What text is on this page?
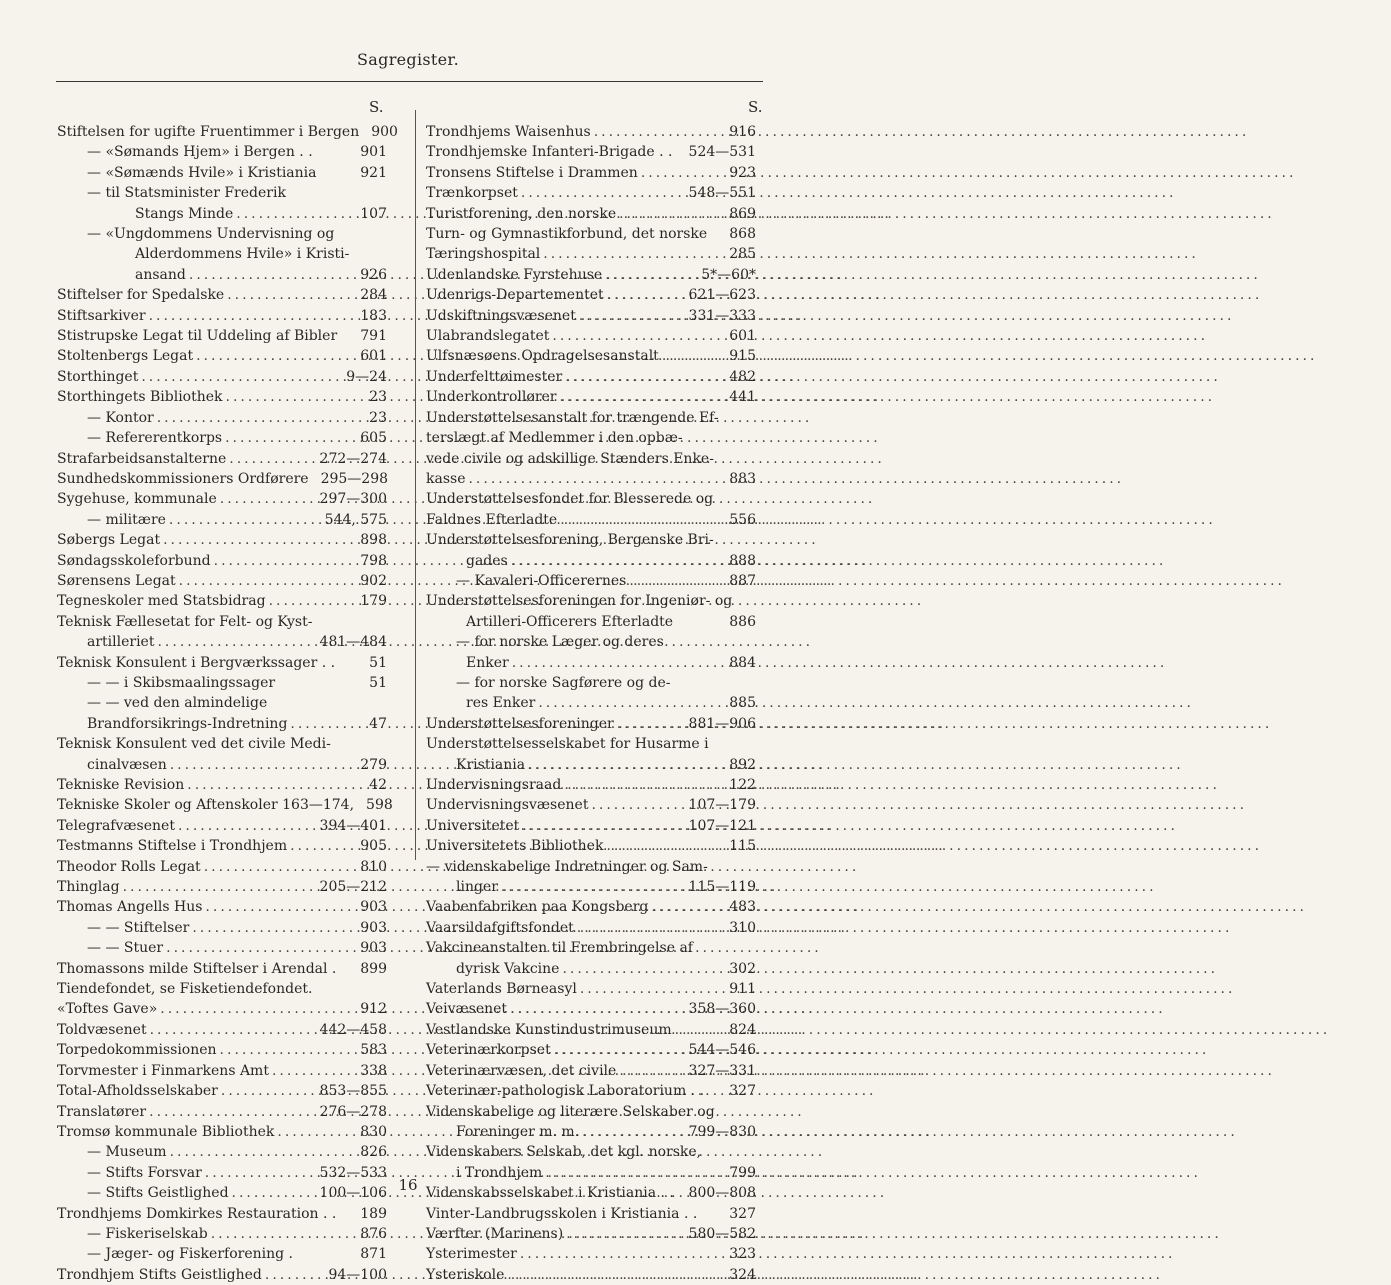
Sagregister.
S.	S.
Stiftelsen for ugifte Fruentimmer i Bergen 900
— «Sømands Hjem» i Bergen . .	901
— «Sømænds Hvile» i Kristiania	921
— til Statsminister Frederik
Stangs Minde .....	107
— «Ungdommens Undervisning og
Alderdommens Hvile» i Kristi-
ansand .....	926
Stiftelser for Spedalske .....	284
Stiftsarkiver .....	183
Stistrupske Legat til Uddeling af Bibler 791
Stoltenbergs Legat .....	601
Storthinget .....	9—24
Storthingets Bibliothek .....	23
— Kontor .....	23
— Refererentkorps .....	605
Strafarbeidsanstalterne .....	272—274
Sundhedskommissioners Ordførere 295—298
Sygehuse, kommunale .....	297—300
— militære .....	544, 575
Søbergs Legat .....	898
Søndagsskoleforbund .....	798
Sørensens Legat .....	902
Tegneskoler med Statsbidrag .....	179
Teknisk Fællesetat for Felt- og Kyst-
artilleriet .....	481—484
Teknisk Konsulent i Bergværkssager . . 51
— — i Skibsmaalingssager	51
— — ved den almindelige
Brandforsikrings-Indretning .....	47
Teknisk Konsulent ved det civile Medi-
cinalvæsen .....	279
Tekniske Revision .....	42
Tekniske Skoler og Aftenskoler 163—174, 598
Telegrafvæsenet .....	394—401
Testmanns Stiftelse i Trondhjem .....	905
Theodor Rolls Legat .....	810
Thinglag .....	205—212
Thomas Angells Hus .....	903
— — Stiftelser .....	903
— — Stuer .....	903
Thomassons milde Stiftelser i Arendal . 899
Tiendefondet, se Fisketiendefondet.
«Toftes Gave» .....	912
Toldvæsenet .....	442—458
Torpedokommissionen .....	583
Torvmester i Finmarkens Amt .....	338
Total-Afholdsselskaber .....	853—855
Translatører .....	276—278
Tromsø kommunale Bibliothek .....	830
— Museum .....	826
— Stifts Forsvar .....	532—533
— Stifts Geistlighed .....	100—106
Trondhjems Domkirkes Restauration . . 189
— Fiskeriselskab .....	876
— Jæger- og Fiskerforening .	871
Trondhjem Stifts Geistlighed .....	94—100
Trondhjems Waisenhus .....	916
Trondhjemske Infanteri-Brigade . . 524—531
Tronsens Stiftelse i Drammen .....	923
Trænkorpset .....	548—551
Turistforening, den norske .....	869
Turn- og Gymnastikforbund, det norske 868
Tæringshospital .....	285
Udenlandske Fyrstehuse .....	5*—60*
Udenrigs-Departementet .....	621—623
Udskiftningsvæsenet .....	331—333
Ulabrandslegatet .....	601
Ulfsnæsøens Opdragelsesanstalt .....	915
Underfelttøimester .....	482
Underkontrollører .....	441
Understøttelsesanstalt for trængende Ef-
terslægt af Medlemmer i den opbæ-
vede civile og adskillige Stænders Enke-
kasse .....	883
Understøttelsesfondet for Blesserede og
Faldnes Efterladte .....	556
Understøttelsesforening, Bergenske Bri-
gades .....	888
— Kavaleri-Officerernes .....	887
Understøttelsesforeningen for Ingeniør- og
Artilleri-Officerers Efterladte	886
— for norske Læger og deres
Enker .....	884
— for norske Sagførere og de-
res Enker .....	885
Understøttelsesforeninger .....	881—906
Understøttelsesselskabet for Husarme i
Kristiania .....	892
Undervisningsraad .....	122
Undervisningsvæsenet .....	107—179
Universitetet .....	107—121
Universitetets Bibliothek .....	115
— videnskabelige Indretninger og Sam-
linger .....	115—119
Vaabenfabriken paa Kongsberg .....	483
Vaarsildafgiftsfondet .....	310
Vakcineanstalten til Frembringelse af
dyrisk Vakcine .....	302
Vaterlands Børneasyl .....	911
Veivæsenet .....	358—360
Vestlandske Kunstindustrimuseum .....	824
Veterinærkorpset .....	544—546
Veterinærvæsen, det civile .....	327—331
Veterinær-pathologisk Laboratorium . . 327
Videnskabelige og literære Selskaber og
Foreninger m. m. .....	799—830
Videnskabers Selskab, det kgl. norske,
i Trondhjem .....	799
Videnskabsselskabet i Kristiania . . 800—808
Vinter-Landbrugsskolen i Kristiania . . 327
Værfter (Marinens) .....	580—582
Ysterimester .....	323
Ysteriskole .....	324
16
